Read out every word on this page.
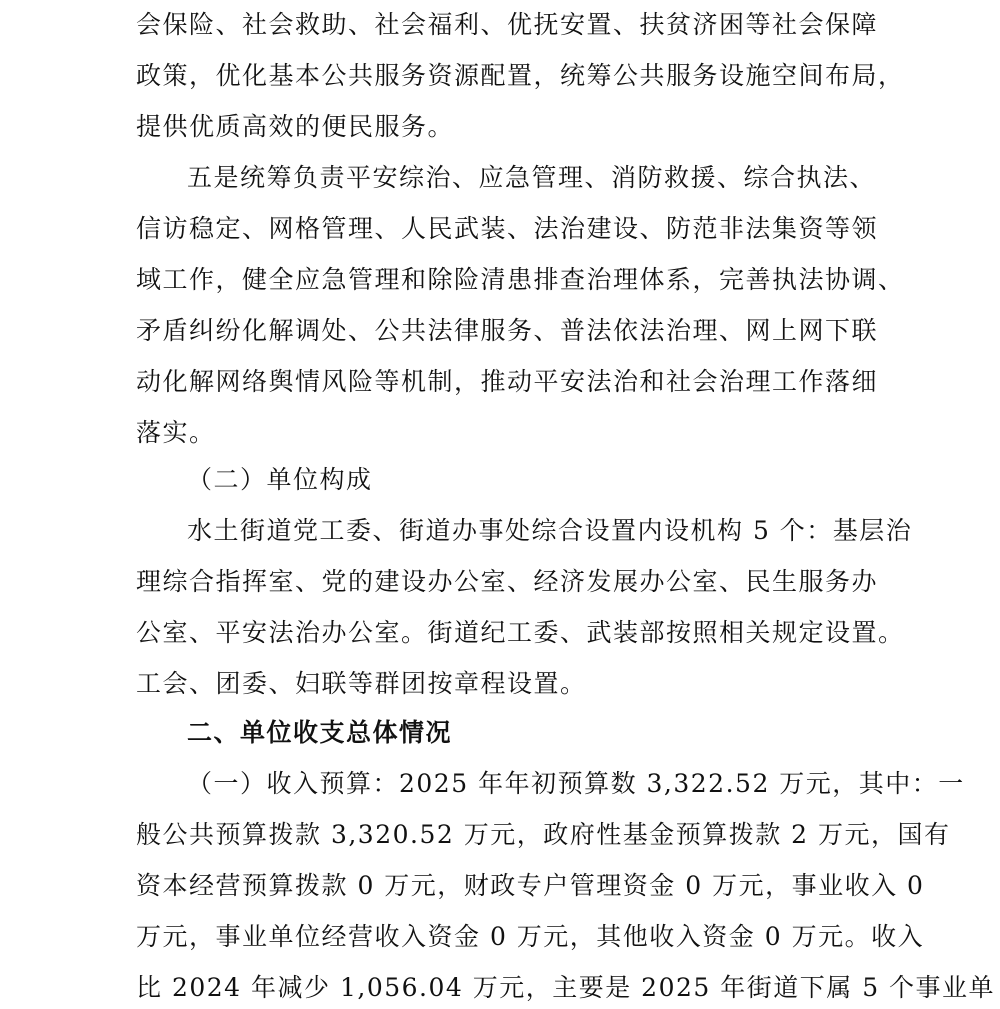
会保险、社会救助、社会福利、优抚安置、扶贫济困等社会保障
政策，优化基本公共服务资源配置，统筹公共服务设施空间布局，
提供优质高效的便民服务。
五是统筹负责平安综治、应急管理、消防救援、综合执法、
信访稳定、网格管理、人民武装、法治建设、防范非法集资等领
域工作，健全应急管理和除险清患排查治理体系，完善执法协调、
矛盾纠纷化解调处、公共法律服务、普法依法治理、网上网下联
动化解网络舆情风险等机制，推动平安法治和社会治理工作落细
落实。
（二）单位构成
水土街道党工委、街道办事处综合设置内设机构 5 个：基层治
理综合指挥室、党的建设办公室、经济发展办公室、民生服务办
公室、平安法治办公室。街道纪工委、武装部按照相关规定设置。
工会、团委、妇联等群团按章程设置。
二、单位收支总体情况
（一）收入预算：2025 年年初预算数 3,322.52 万元，其中：一
般公共预算拨款 3,320.52 万元，政府性基金预算拨款 2 万元，国有
资本经营预算拨款 0 万元，财政专户管理资金 0 万元，事业收入 0
万元，事业单位经营收入资金 0 万元，其他收入资金 0 万元。收入
比 2024 年减少 1,056.04 万元，主要是 2025 年街道下属 5 个事业单
